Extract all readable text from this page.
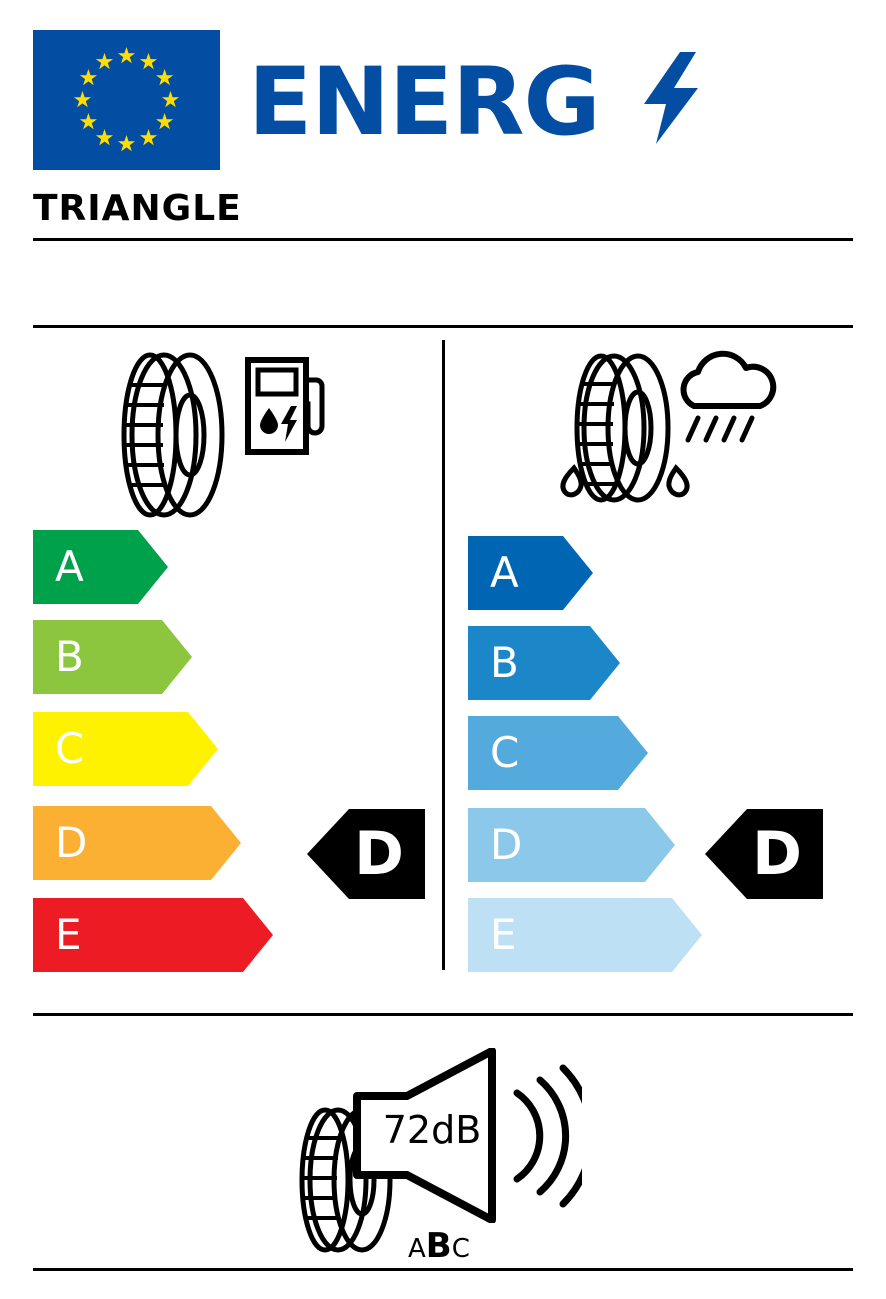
ENERG
TRIANGLE
A
B
C
D
E
D
A
B
C
D
E
D
72dB
ABC
